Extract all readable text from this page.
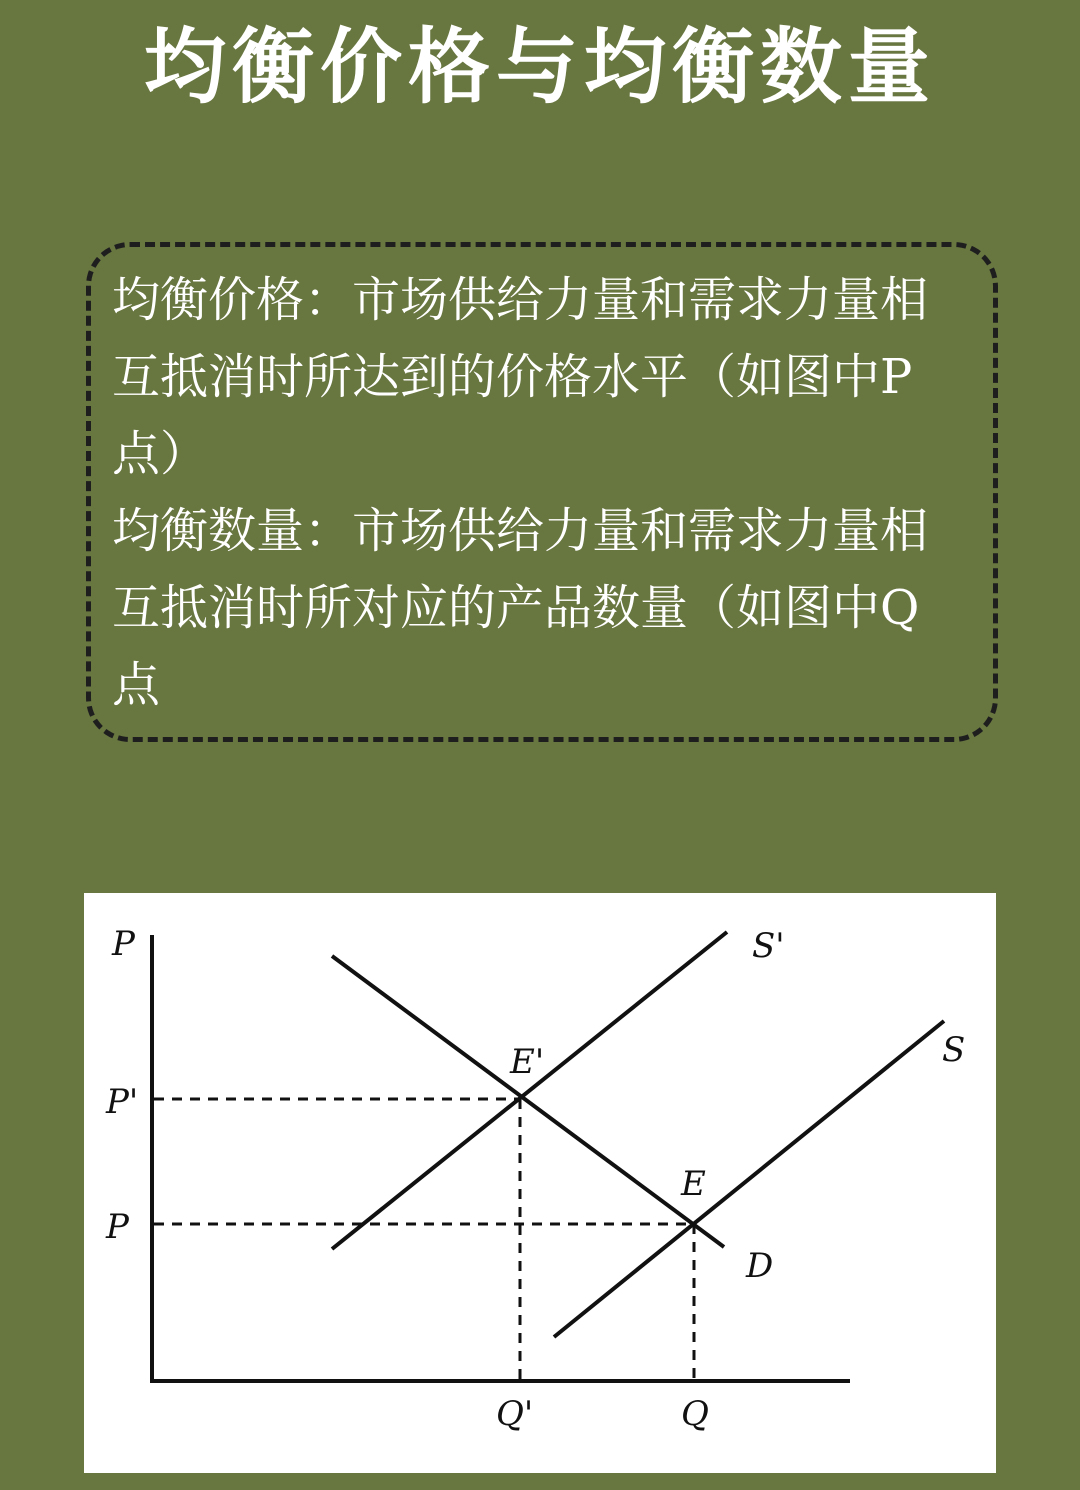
均衡价格与均衡数量

均衡价格：市场供给力量和需求力量相互抵消时所达到的价格水平（如图中P点）

均衡数量：市场供给力量和需求力量相互抵消时所对应的产品数量（如图中Q点

P
P'
P
Q'	Q
S'
S
D
E'
E
